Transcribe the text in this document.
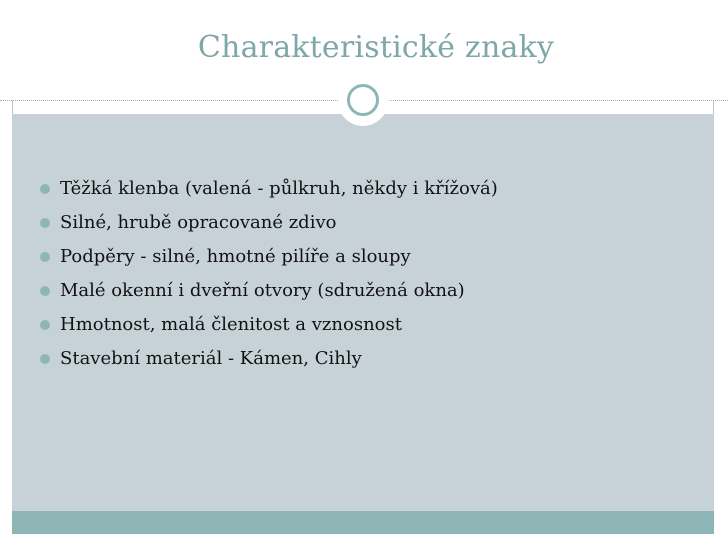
Charakteristické znaky
Těžká klenba (valená - půlkruh, někdy i křížová)
Silné, hrubě opracované zdivo
Podpěry - silné, hmotné pilíře a sloupy
Malé okenní i dveřní otvory (sdružená okna)
Hmotnost, malá členitost a vznosnost
Stavební materiál - Kámen, Cihly
